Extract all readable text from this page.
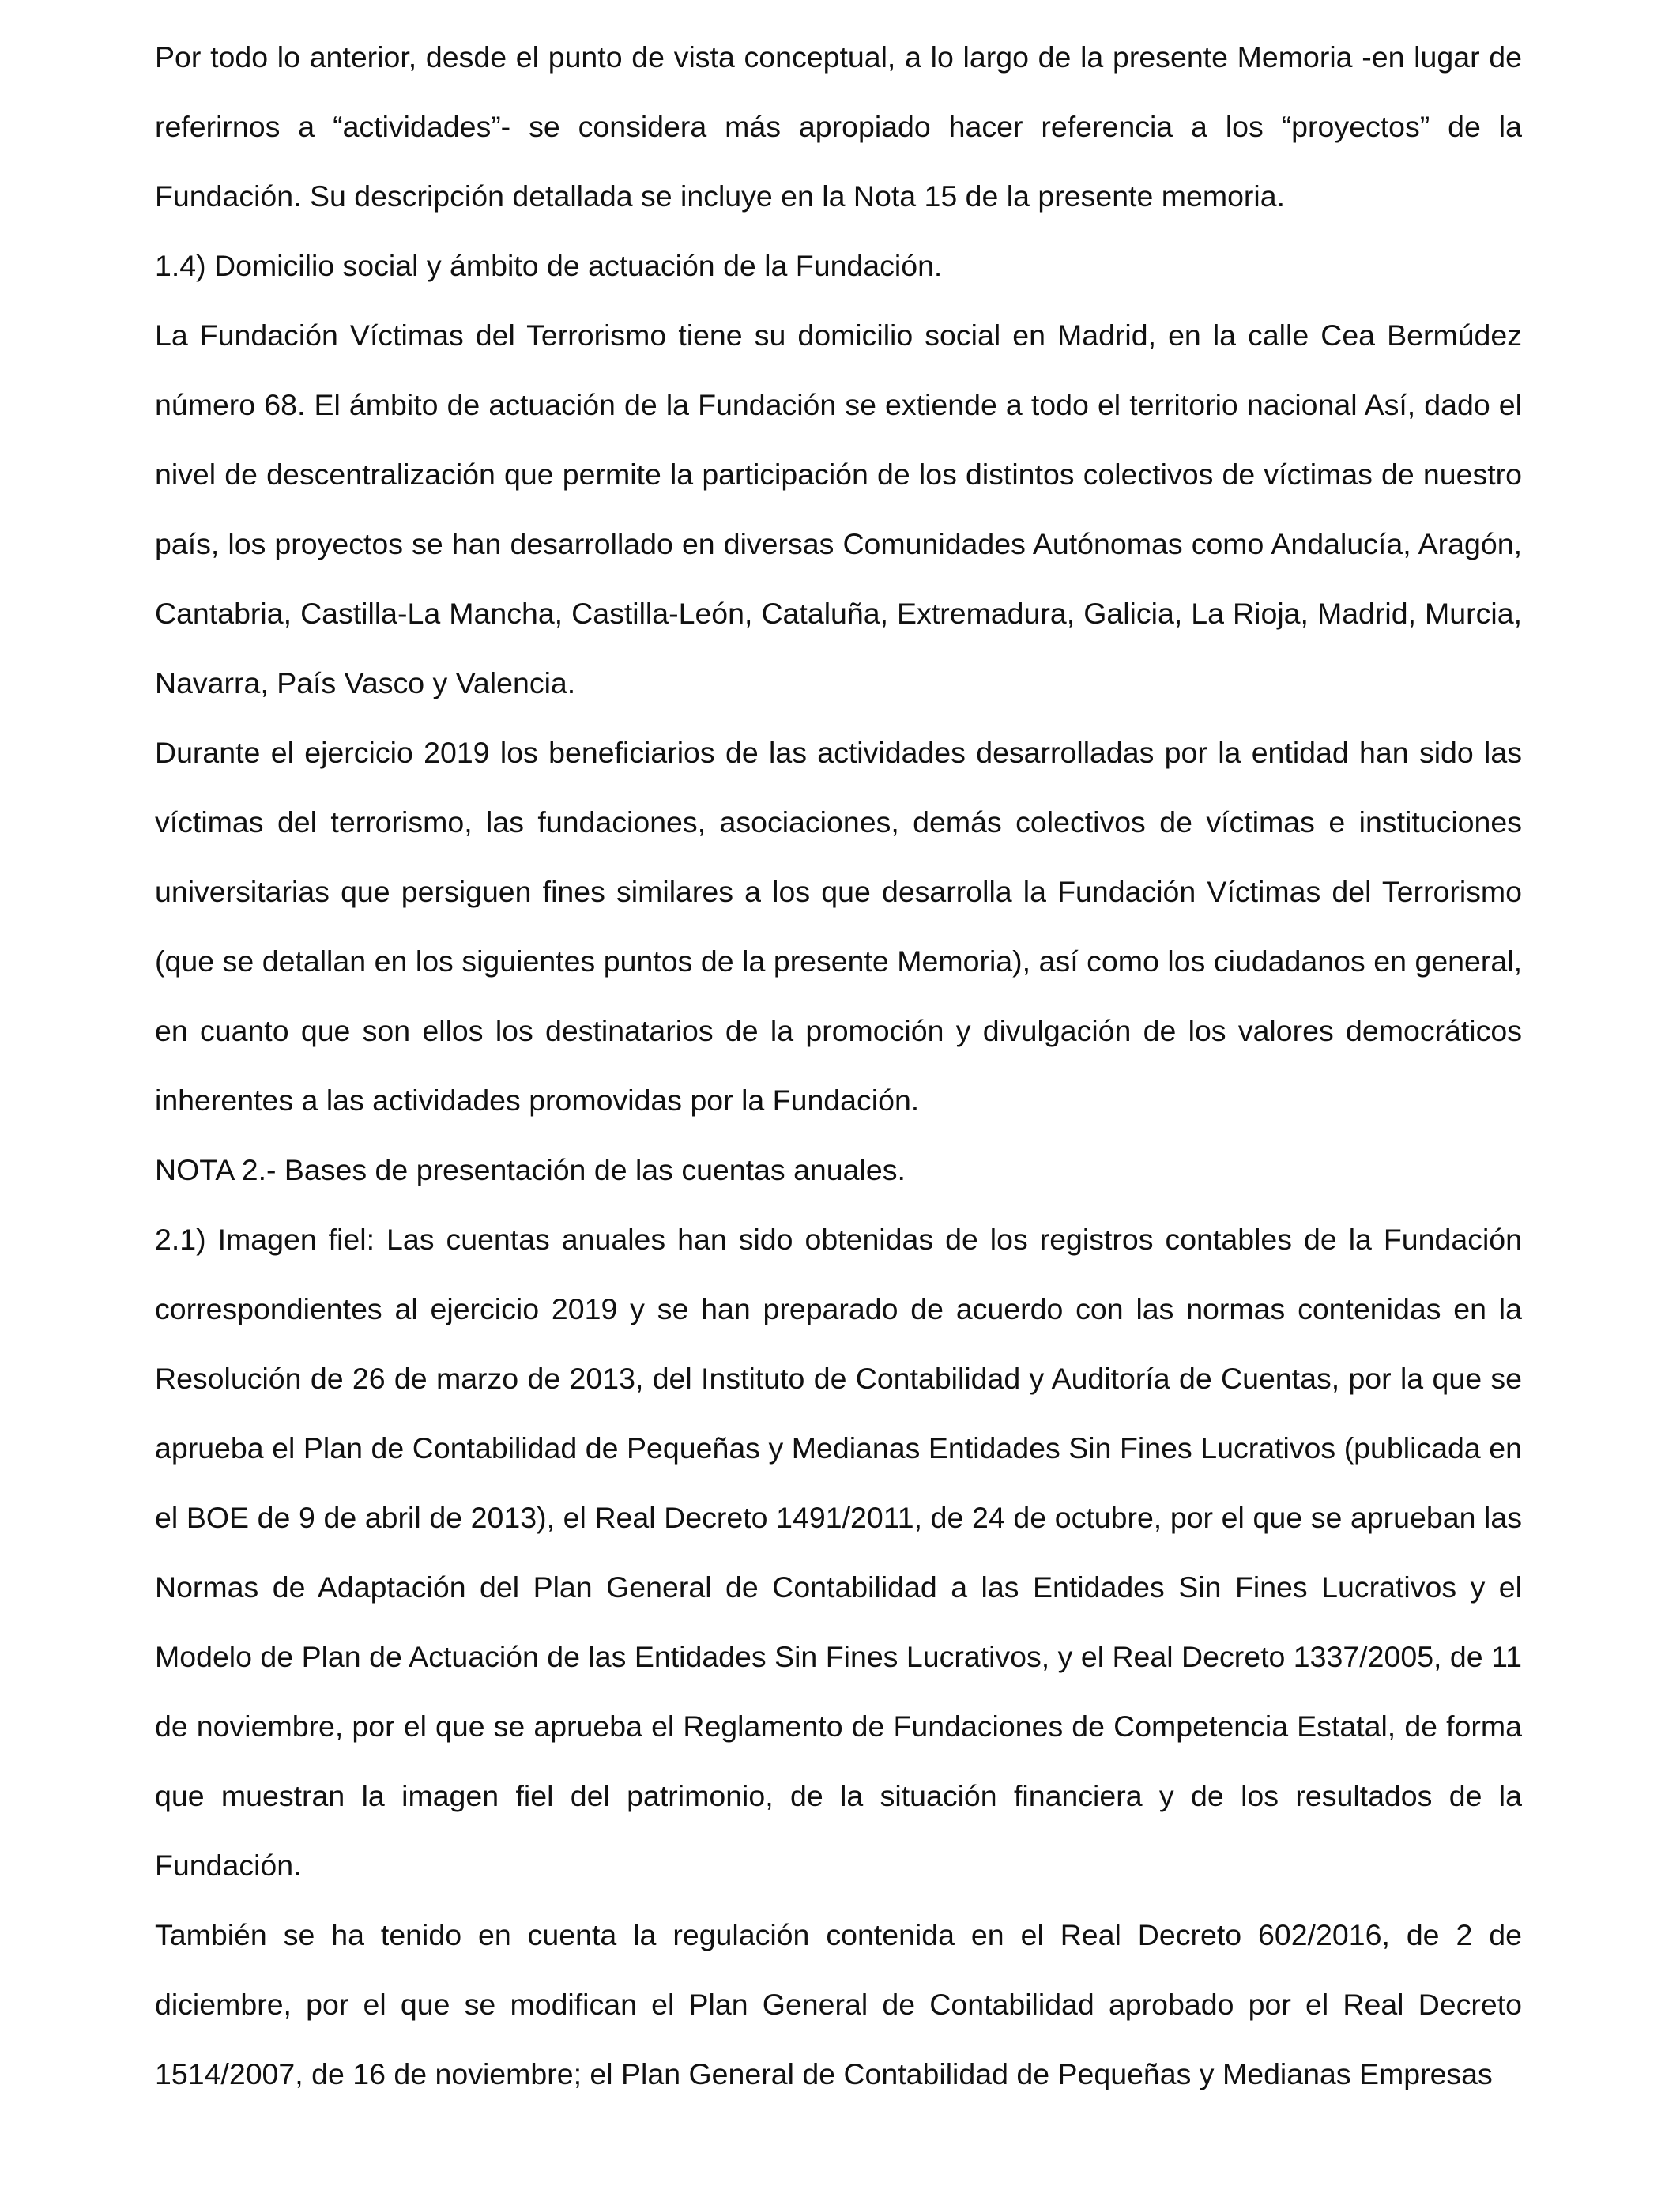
Por todo lo anterior, desde el punto de vista conceptual, a lo largo de la presente Memoria -en lugar de referirnos a “actividades”- se considera más apropiado hacer referencia a los “proyectos” de la Fundación. Su descripción detallada se incluye en la Nota 15 de la presente memoria.

1.4) Domicilio social y ámbito de actuación de la Fundación.

La Fundación Víctimas del Terrorismo tiene su domicilio social en Madrid, en la calle Cea Bermúdez número 68. El ámbito de actuación de la Fundación se extiende a todo el territorio nacional Así, dado el nivel de descentralización que permite la participación de los distintos colectivos de víctimas de nuestro país, los proyectos se han desarrollado en diversas Comunidades Autónomas como Andalucía, Aragón, Cantabria, Castilla-La Mancha, Castilla-León, Cataluña, Extremadura, Galicia, La Rioja, Madrid, Murcia, Navarra, País Vasco y Valencia.

Durante el ejercicio 2019 los beneficiarios de las actividades desarrolladas por la entidad han sido las víctimas del terrorismo, las fundaciones, asociaciones, demás colectivos de víctimas e instituciones universitarias que persiguen fines similares a los que desarrolla la Fundación Víctimas del Terrorismo (que se detallan en los siguientes puntos de la presente Memoria), así como los ciudadanos en general, en cuanto que son ellos los destinatarios de la promoción y divulgación de los valores democráticos inherentes a las actividades promovidas por la Fundación.

NOTA 2.- Bases de presentación de las cuentas anuales.

2.1) Imagen fiel: Las cuentas anuales han sido obtenidas de los registros contables de la Fundación correspondientes al ejercicio 2019 y se han preparado de acuerdo con las normas contenidas en la Resolución de 26 de marzo de 2013, del Instituto de Contabilidad y Auditoría de Cuentas, por la que se aprueba el Plan de Contabilidad de Pequeñas y Medianas Entidades Sin Fines Lucrativos (publicada en el BOE de 9 de abril de 2013), el Real Decreto 1491/2011, de 24 de octubre, por el que se aprueban las Normas de Adaptación del Plan General de Contabilidad a las Entidades Sin Fines Lucrativos y el Modelo de Plan de Actuación de las Entidades Sin Fines Lucrativos, y el Real Decreto 1337/2005, de 11 de noviembre, por el que se aprueba el Reglamento de Fundaciones de Competencia Estatal, de forma que muestran la imagen fiel del patrimonio, de la situación financiera y de los resultados de la Fundación.

También se ha tenido en cuenta la regulación contenida en el Real Decreto 602/2016, de 2 de diciembre, por el que se modifican el Plan General de Contabilidad aprobado por el Real Decreto 1514/2007, de 16 de noviembre; el Plan General de Contabilidad de Pequeñas y Medianas Empresas
